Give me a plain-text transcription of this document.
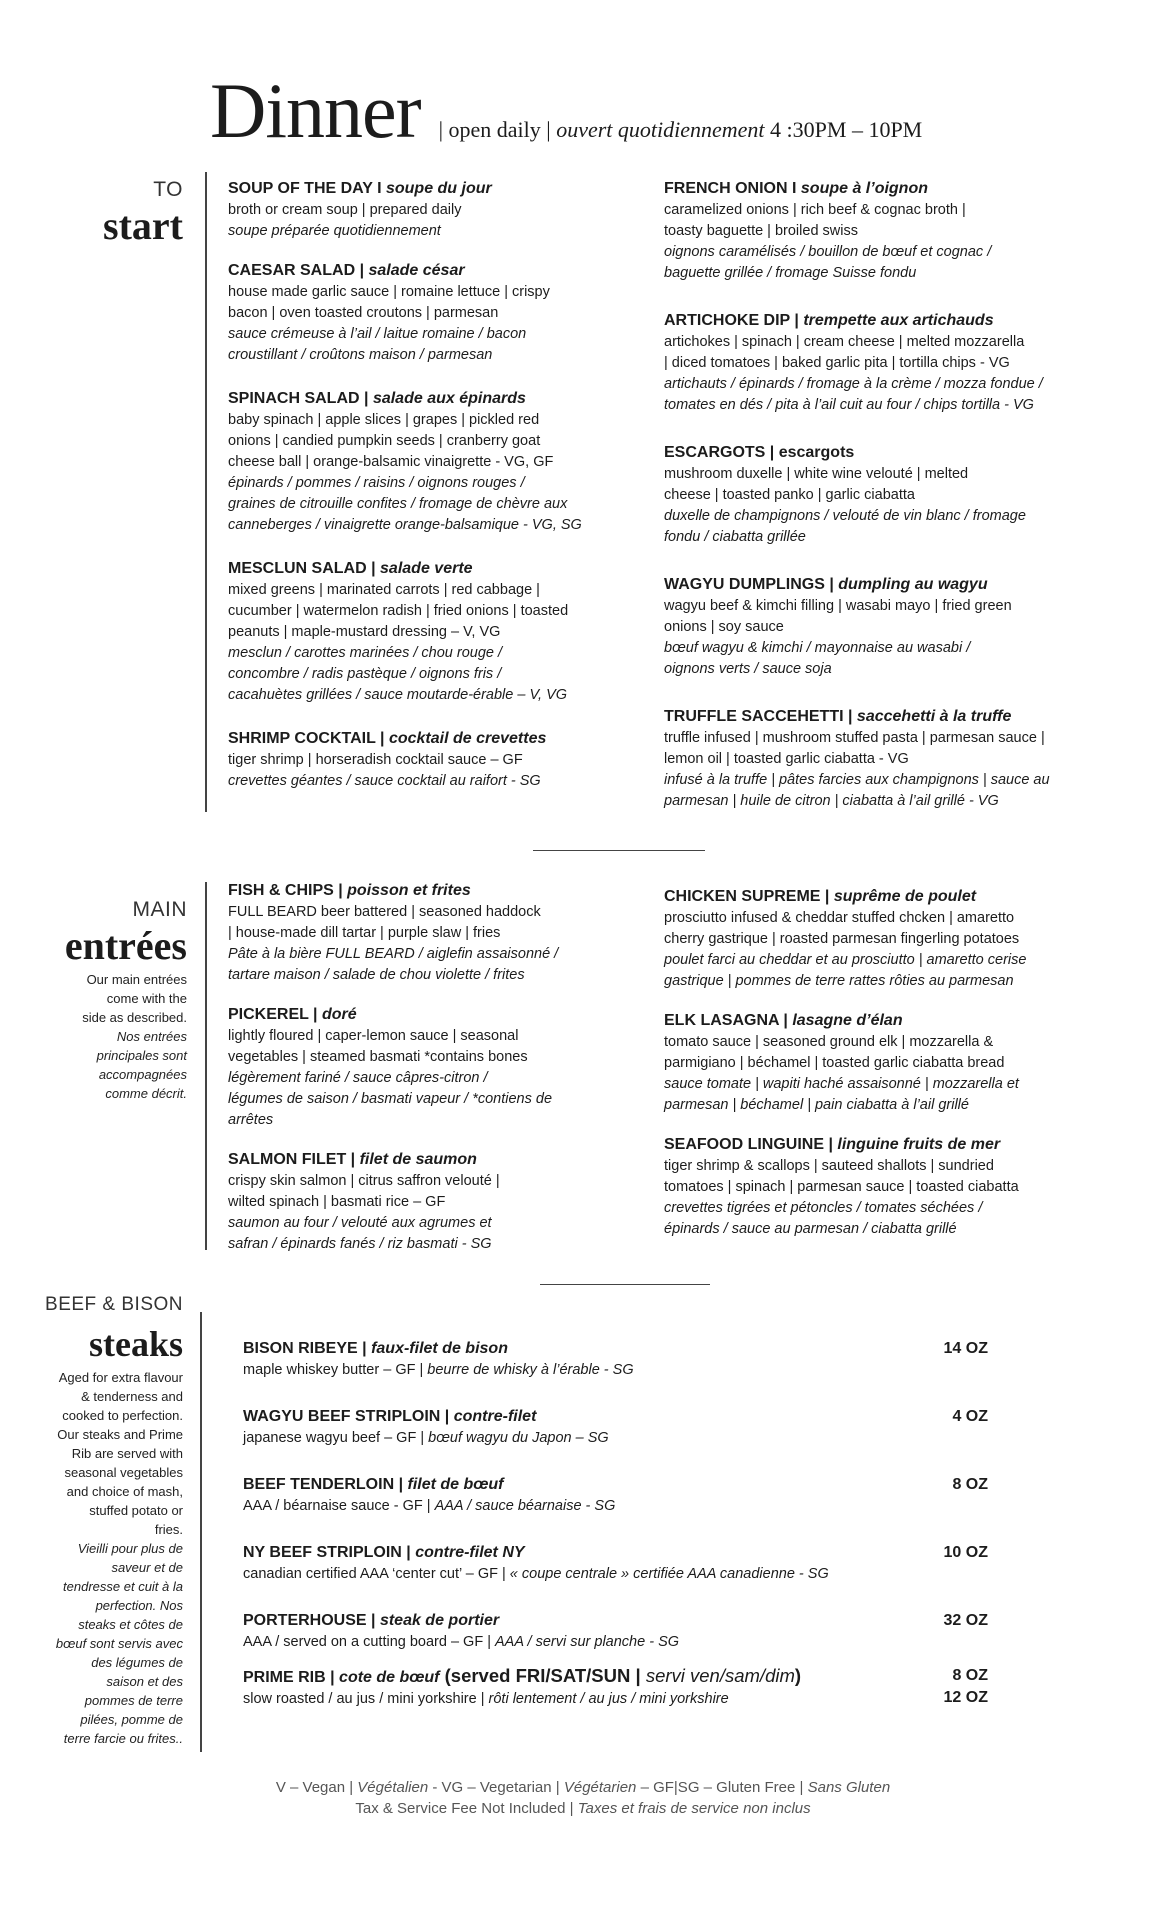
Dinner | open daily | ouvert quotidiennement 4 :30PM – 10PM
TO
start
SOUP OF THE DAY I soupe du jour
broth or cream soup | prepared daily
soupe préparée quotidiennement
CAESAR SALAD | salade césar
house made garlic sauce | romaine lettuce | crispy
bacon | oven toasted croutons | parmesan
sauce crémeuse à l’ail / laitue romaine / bacon
croustillant / croûtons maison / parmesan
SPINACH SALAD | salade aux épinards
baby spinach | apple slices | grapes | pickled red
onions | candied pumpkin seeds | cranberry goat
cheese ball | orange-balsamic vinaigrette - VG, GF
épinards / pommes / raisins / oignons rouges /
graines de citrouille confites / fromage de chèvre aux
canneberges / vinaigrette orange-balsamique - VG, SG
MESCLUN SALAD | salade verte
mixed greens | marinated carrots | red cabbage |
cucumber | watermelon radish | fried onions | toasted
peanuts | maple-mustard dressing – V, VG
mesclun / carottes marinées / chou rouge /
concombre / radis pastèque / oignons fris /
cacahuètes grillées / sauce moutarde-érable – V, VG
SHRIMP COCKTAIL | cocktail de crevettes
tiger shrimp | horseradish cocktail sauce – GF
crevettes géantes / sauce cocktail au raifort - SG
FRENCH ONION I soupe à l’oignon
caramelized onions | rich beef & cognac broth |
toasty baguette | broiled swiss
oignons caramélisés / bouillon de bœuf et cognac /
baguette grillée / fromage Suisse fondu
ARTICHOKE DIP | trempette aux artichauds
artichokes | spinach | cream cheese | melted mozzarella
| diced tomatoes | baked garlic pita | tortilla chips - VG
artichauts / épinards / fromage à la crème / mozza fondue /
tomates en dés / pita à l’ail cuit au four / chips tortilla - VG
ESCARGOTS | escargots
mushroom duxelle | white wine velouté | melted
cheese | toasted panko | garlic ciabatta
duxelle de champignons / velouté de vin blanc / fromage
fondu / ciabatta grillée
WAGYU DUMPLINGS | dumpling au wagyu
wagyu beef & kimchi filling | wasabi mayo | fried green
onions | soy sauce
bœuf wagyu & kimchi / mayonnaise au wasabi /
oignons verts / sauce soja
TRUFFLE SACCEHETTI | saccehetti à la truffe
truffle infused | mushroom stuffed pasta | parmesan sauce |
lemon oil | toasted garlic ciabatta - VG
infusé à la truffe | pâtes farcies aux champignons | sauce au
parmesan | huile de citron | ciabatta à l’ail grillé - VG
MAIN
entrées
Our main entrées
come with the
side as described.
Nos entrées
principales sont
accompagnées
comme décrit.
FISH & CHIPS | poisson et frites
FULL BEARD beer battered | seasoned haddock
| house-made dill tartar | purple slaw | fries
Pâte à la bière FULL BEARD / aiglefin assaisonné /
tartare maison / salade de chou violette / frites
PICKEREL | doré
lightly floured | caper-lemon sauce | seasonal
vegetables | steamed basmati *contains bones
légèrement fariné / sauce câpres-citron /
légumes de saison / basmati vapeur / *contiens de
arrêtes
SALMON FILET | filet de saumon
crispy skin salmon | citrus saffron velouté |
wilted spinach | basmati rice – GF
saumon au four / velouté aux agrumes et
safran / épinards fanés / riz basmati - SG
CHICKEN SUPREME | suprême de poulet
prosciutto infused & cheddar stuffed chcken | amaretto
cherry gastrique | roasted parmesan fingerling potatoes
poulet farci au cheddar et au prosciutto | amaretto cerise
gastrique | pommes de terre rattes rôties au parmesan
ELK LASAGNA | lasagne d’élan
tomato sauce | seasoned ground elk | mozzarella &
parmigiano | béchamel | toasted garlic ciabatta bread
sauce tomate | wapiti haché assaisonné | mozzarella et
parmesan | béchamel | pain ciabatta à l’ail grillé
SEAFOOD LINGUINE | linguine fruits de mer
tiger shrimp & scallops | sauteed shallots | sundried
tomatoes | spinach | parmesan sauce | toasted ciabatta
crevettes tigrées et pétoncles / tomates séchées /
épinards / sauce au parmesan / ciabatta grillé
BEEF & BISON
steaks
Aged for extra flavour
& tenderness and
cooked to perfection.
Our steaks and Prime
Rib are served with
seasonal vegetables
and choice of mash,
stuffed potato or
fries.
Vieilli pour plus de
saveur et de
tendresse et cuit à la
perfection. Nos
steaks et côtes de
bœuf sont servis avec
des légumes de
saison et des
pommes de terre
pilées, pomme de
terre farcie ou frites..
BISON RIBEYE | faux-filet de bison
maple whiskey butter – GF | beurre de whisky à l’érable - SG
14 OZ
WAGYU BEEF STRIPLOIN | contre-filet
japanese wagyu beef – GF | bœuf wagyu du Japon – SG
4 OZ
BEEF TENDERLOIN | filet de bœuf
AAA / béarnaise sauce - GF | AAA / sauce béarnaise - SG
8 OZ
NY BEEF STRIPLOIN | contre-filet NY
canadian certified AAA ‘center cut’ – GF | « coupe centrale » certifiée AAA canadienne - SG
10 OZ
PORTERHOUSE | steak de portier
AAA / served on a cutting board – GF | AAA / servi sur planche - SG
32 OZ
PRIME RIB | cote de bœuf (served FRI/SAT/SUN | servi ven/sam/dim)
slow roasted / au jus / mini yorkshire | rôti lentement / au jus / mini yorkshire
8 OZ
12 OZ
V – Vegan | Végétalien - VG – Vegetarian | Végétarien – GF|SG – Gluten Free | Sans Gluten
Tax & Service Fee Not Included | Taxes et frais de service non inclus
